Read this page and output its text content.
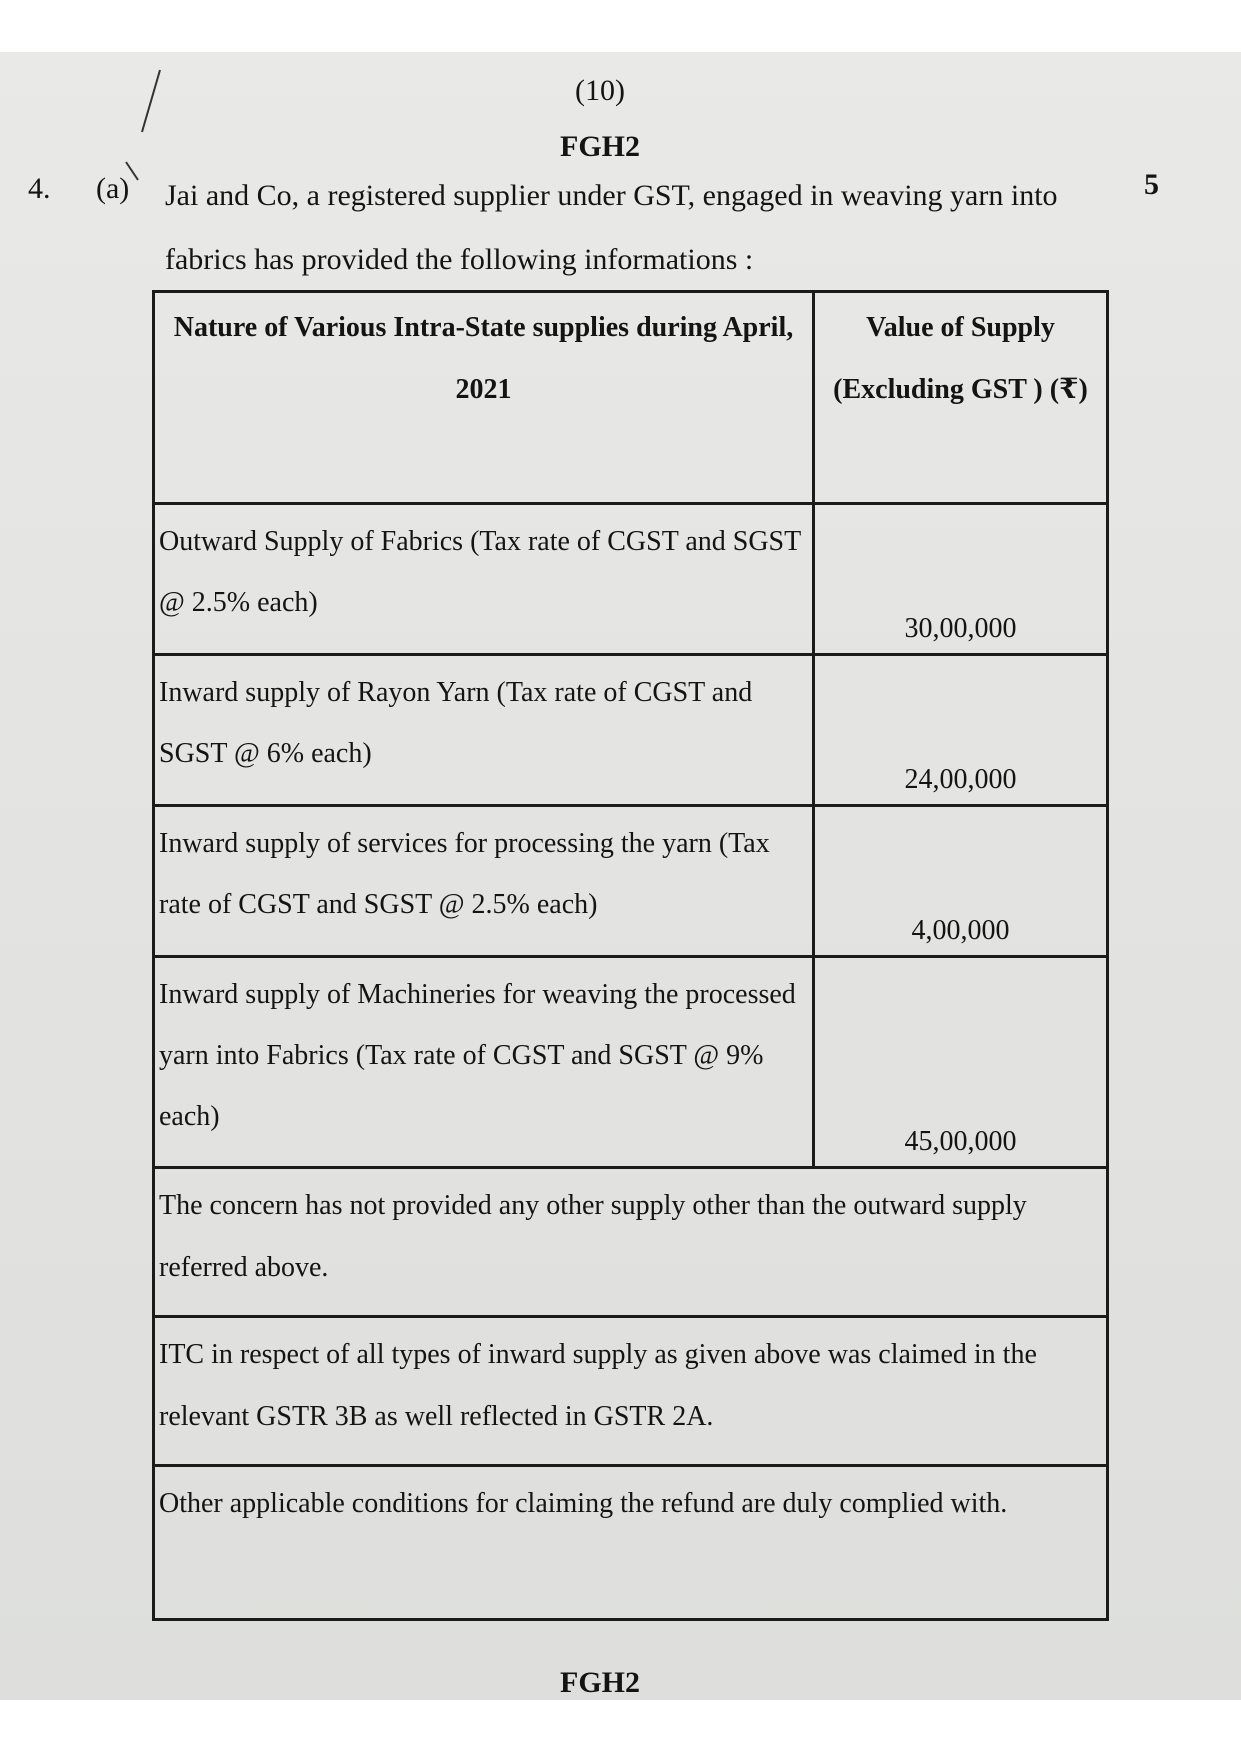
(10)
FGH2
4. (a)	5
Jai and Co, a registered supplier under GST, engaged in weaving yarn into fabrics has provided the following informations :
Nature of Various Intra-State supplies during April, 2021	Value of Supply (Excluding GST ) (₹)
Outward Supply of Fabrics (Tax rate of CGST and SGST @ 2.5% each)	30,00,000
Inward supply of Rayon Yarn (Tax rate of CGST and SGST @ 6% each)	24,00,000
Inward supply of services for processing the yarn (Tax rate of CGST and SGST @ 2.5% each)	4,00,000
Inward supply of Machineries for weaving the processed yarn into Fabrics (Tax rate of CGST and SGST @ 9% each)	45,00,000
The concern has not provided any other supply other than the outward supply referred above.	
ITC in respect of all types of inward supply as given above was claimed in the relevant GSTR 3B as well reflected in GSTR 2A.	
Other applicable conditions for claiming the refund are duly complied with.	
FGH2
